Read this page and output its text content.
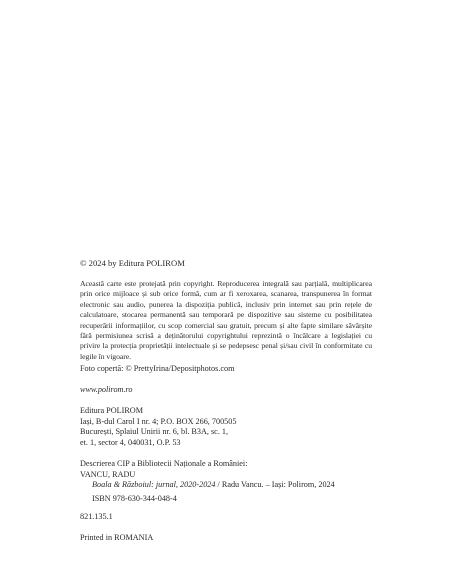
© 2024 by Editura POLIROM
Această carte este protejată prin copyright. Reproducerea integrală sau parțială, multiplicarea prin orice mijloace și sub orice formă, cum ar fi xeroxarea, scanarea, transpunerea în format electronic sau audio, punerea la dispoziția publică, inclusiv prin internet sau prin rețele de calculatoare, stocarea permanentă sau temporară pe dispozitive sau sisteme cu posibilitatea recuperării informațiilor, cu scop comercial sau gratuit, precum și alte fapte similare săvârșite fără permisiunea scrisă a deținătorului copyrightului reprezintă o încălcare a legislației cu privire la protecția proprietății intelectuale și se pedepsesc penal și/sau civil în conformitate cu legile în vigoare.
Foto copertă: © PrettyIrina/Depositphotos.com
www.polirom.ro
Editura POLIROM
Iași, B-dul Carol I nr. 4; P.O. BOX 266, 700505
București, Splaiul Unirii nr. 6, bl. B3A, sc. 1,
et. 1, sector 4, 040031, O.P. 53
Descrierea CIP a Bibliotecii Naționale a României:
VANCU, RADU
Boala & Războiul: jurnal, 2020-2024 / Radu Vancu. – Iași: Polirom, 2024
ISBN 978-630-344-048-4
821.135.1
Printed in ROMANIA
